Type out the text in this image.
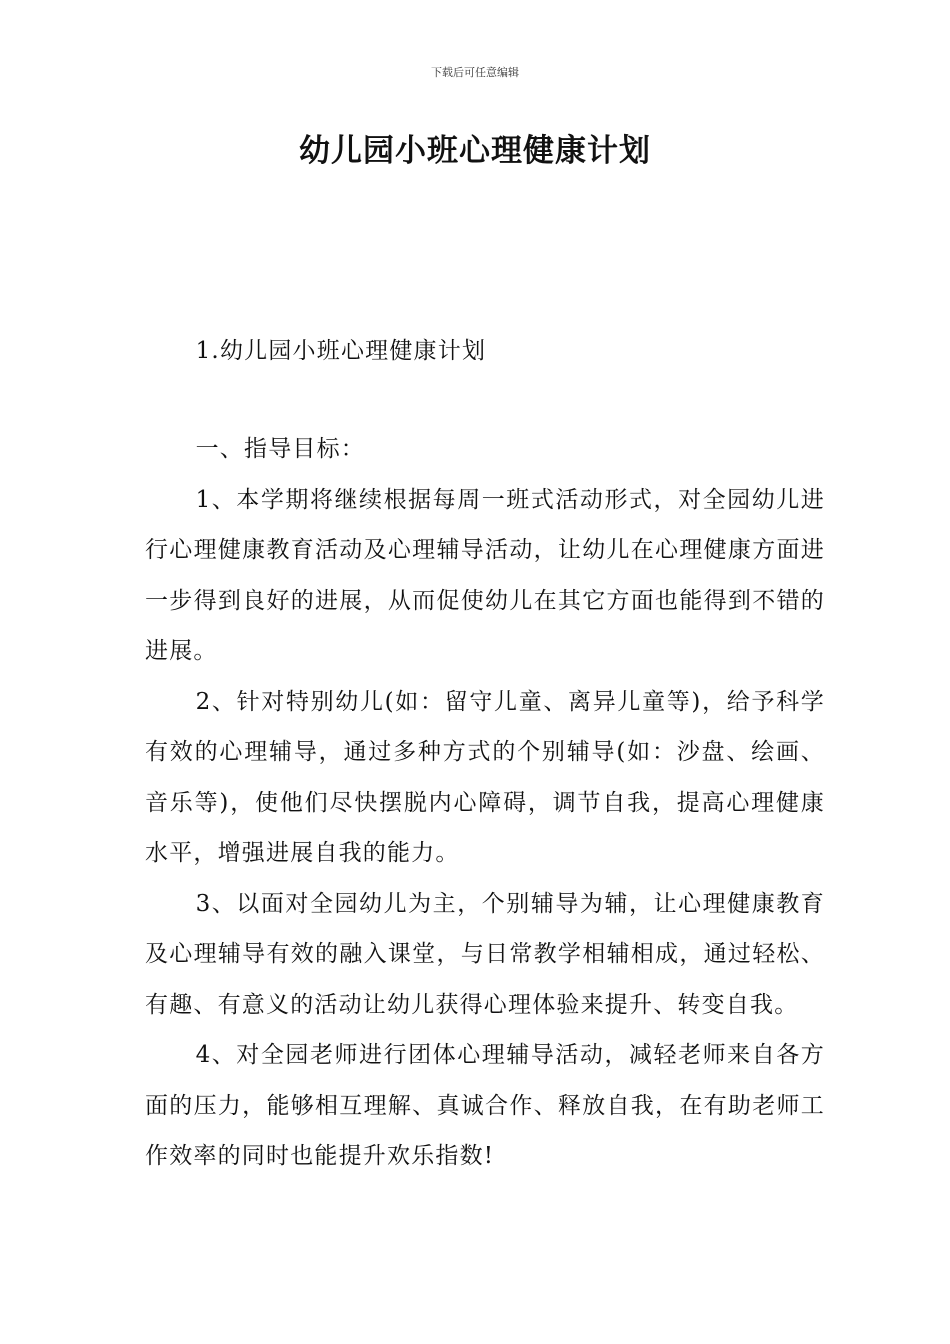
下载后可任意编辑
幼儿园小班心理健康计划

1.幼儿园小班心理健康计划

一、指导目标：

1、本学期将继续根据每周一班式活动形式，对全园幼儿进行心理健康教育活动及心理辅导活动，让幼儿在心理健康方面进一步得到良好的进展，从而促使幼儿在其它方面也能得到不错的进展。

2、针对特别幼儿(如：留守儿童、离异儿童等)，给予科学有效的心理辅导，通过多种方式的个别辅导(如：沙盘、绘画、音乐等)，使他们尽快摆脱内心障碍，调节自我，提高心理健康水平，增强进展自我的能力。

3、以面对全园幼儿为主，个别辅导为辅，让心理健康教育及心理辅导有效的融入课堂，与日常教学相辅相成，通过轻松、有趣、有意义的活动让幼儿获得心理体验来提升、转变自我。

4、对全园老师进行团体心理辅导活动，减轻老师来自各方面的压力，能够相互理解、真诚合作、释放自我，在有助老师工作效率的同时也能提升欢乐指数!
